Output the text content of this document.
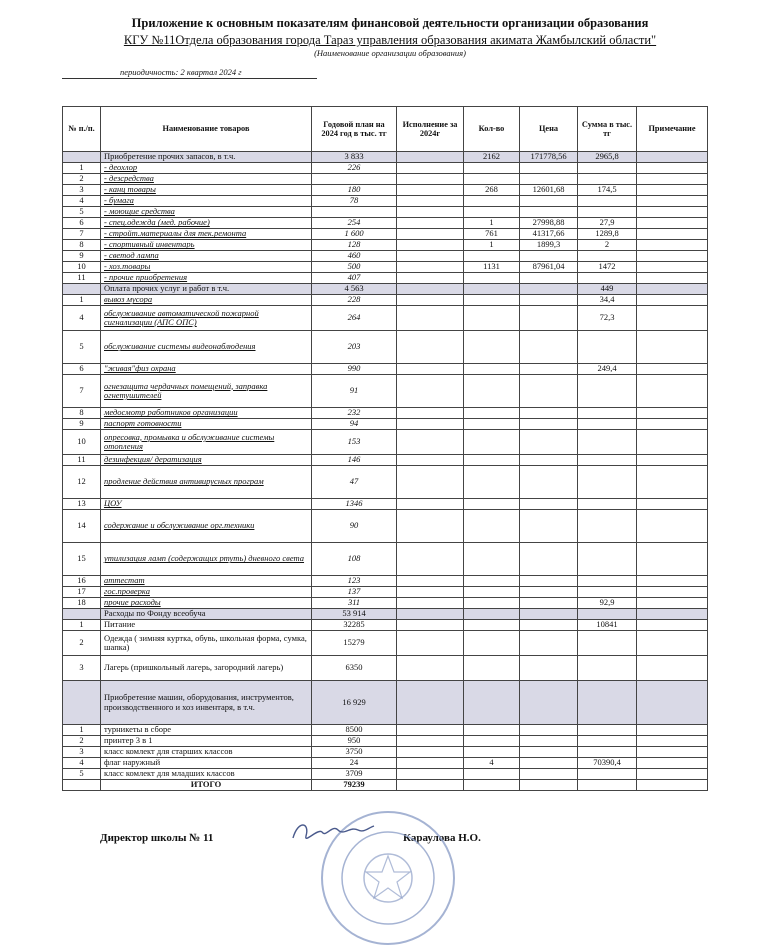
Приложение к основным показателям финансовой деятельности организации образования
КГУ №11Отдела образования города Тараз управления образования акимата Жамбылский области"
(Наименование организации образования)
периодичность: 2 квартал 2024 г
№ п./п.	Наименование товаров	Годовой план на 2024 год в тыс. тг	Исполнение за 2024г	Кол-во	Цена	Сумма в тыс. тг	Примечание
	Приобретение прочих запасов, в т.ч.	3 833		2162	171778,56	2965,8	
1	- деохлор	226					
2	- дезсредства						
3	- канц товары	180		268	12601,68	174,5	
4	- бумага	78					
5	- моющие средства						
6	- спец.одежда (мед. рабочие)	254		1	27998,88	27,9	
7	- стройт.материалы для тек.ремонта	1 600		761	41317,66	1289,8	
8	- спортивный инвентарь	128		1	1899,3	2	
9	- светод лампа	460					
10	- хоз.товары	500		1131	87961,04	1472	
11	- прочие приобретения	407					
	Оплата прочих услуг и работ в т.ч.	4 563				449	
1	вывоз мусора	228				34,4	
4	обслуживание автоматической пожарной сигнализации (АПС ОПС)	264				72,3	
5	обслуживание системы видеонаблюдения	203					
6	"живая"физ охрана	990				249,4	
7	огнезащита чердачных помещений, заправка огнетушителей	91					
8	медосмотр работников организации	232					
9	паспорт готовности	94					
10	опресовка, промывка и обслуживание системы отопления	153					
11	дезинфекция/ дератизация	146					
12	продление действия антивирусных програм	47					
13	ЦОУ	1346					
14	содержание и обслуживание орг.техники	90					
15	утилизация ламп (содержащих ртуть) дневного света	108					
16	аттестат	123					
17	гос.проверка	137					
18	прочие расходы	311				92,9	
	Расходы по Фонду всеобуча	53 914					
1	Питание	32285				10841	
2	Одежда ( зимняя куртка, обувь, школьная форма, сумка, шапка)	15279					
3	Лагерь (пришкольный лагерь, загородний лагерь)	6350					
	Приобретение машин, оборудования, инструментов, производственного и хоз инвентаря, в т.ч.	16 929					
1	турникеты в сборе	8500					
2	принтер 3 в 1	950					
3	класс комлект для старших классов	3750					
4	флаг наружный	24		4		70390,4	
5	класс комлект для младших классов	3709					
	ИТОГО	79239					
Директор школы № 11	Караулова Н.О.
